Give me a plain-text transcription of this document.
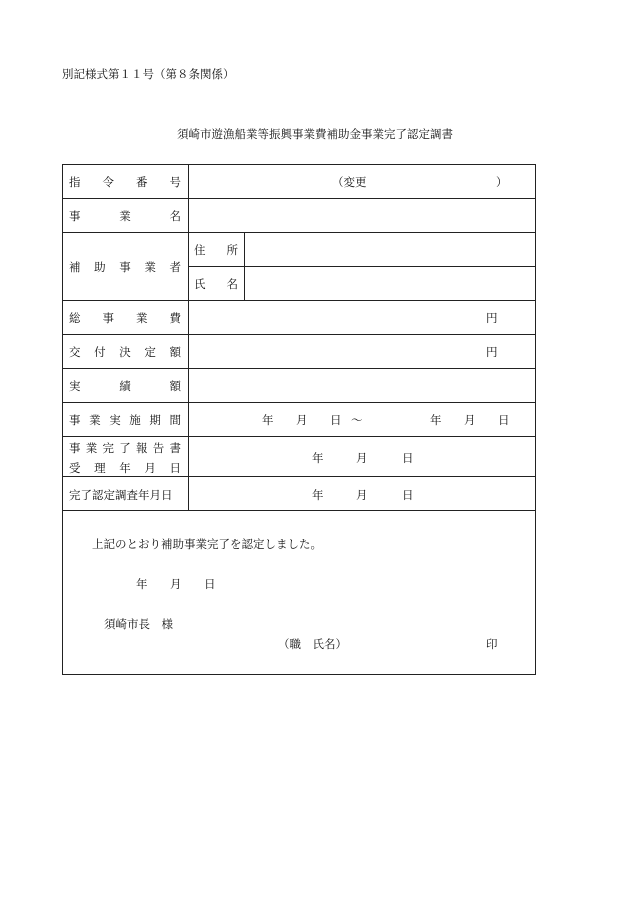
別記様式第１１号（第８条関係）
須崎市遊漁船業等振興事業費補助金事業完了認定調書
指 令 番 号	（変更	）
事	業	名
補 助 事 業 者
住 所
氏 名
総 事 業 費	円
交 付 決 定 額	円
実	績	額
事 業 実 施 期 間	年 月 日 ～	年 月 日
事 業 完 了 報 告 書
受 理 年 月 日
年	月	日
完了認定調査年月日	年	月	日
上記のとおり補助事業完了を認定しました。
年 月 日
須崎市長　様
（職　氏名）	印
